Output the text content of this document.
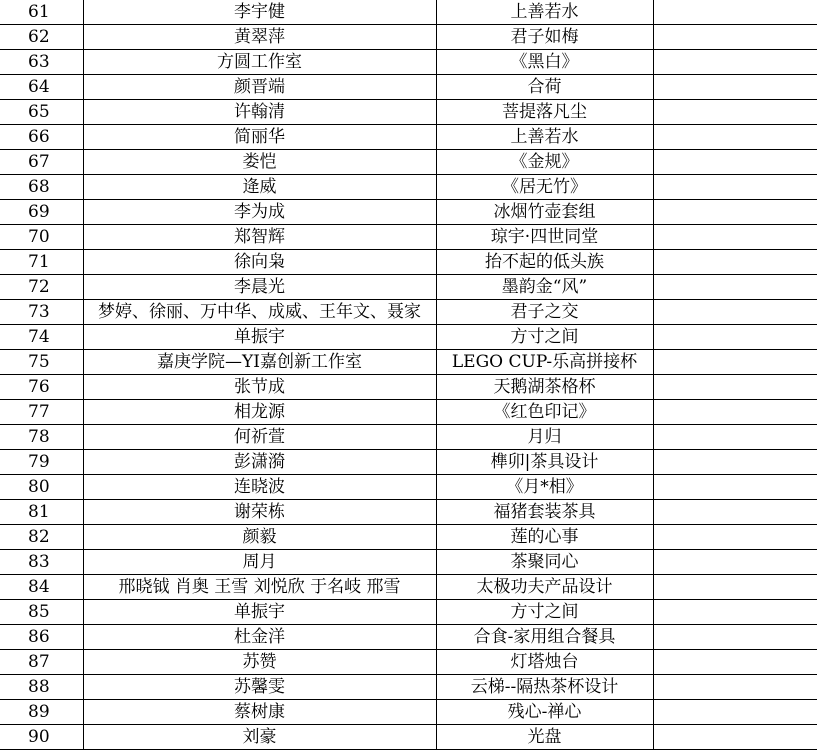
61	李宇健	上善若水	
62	黄翠萍	君子如梅	
63	方圆工作室	《黑白》	
64	颜晋端	合荷	
65	许翰清	菩提落凡尘	
66	简丽华	上善若水	
67	娄恺	《金规》	
68	逄威	《居无竹》	
69	李为成	冰烟竹壶套组	
70	郑智辉	琼宇·四世同堂	
71	徐向枭	抬不起的低头族	
72	李晨光	墨韵金“风”	
73	梦婷、徐丽、万中华、成威、王年文、聂家	君子之交	
74	单振宇	方寸之间	
75	嘉庚学院—YI嘉创新工作室	LEGO CUP-乐高拼接杯	
76	张节成	天鹅湖茶格杯	
77	相龙源	《红色印记》	
78	何祈萱	月归	
79	彭潇漪	榫卯|茶具设计	
80	连晓波	《月*相》	
81	谢荣栋	福猪套装茶具	
82	颜毅	莲的心事	
83	周月	茶聚同心	
84	邢晓钺 肖奥 王雪 刘悦欣 于名岐 邢雪	太极功夫产品设计	
85	单振宇	方寸之间	
86	杜金洋	合食-家用组合餐具	
87	苏赞	灯塔烛台	
88	苏馨雯	云梯--隔热茶杯设计	
89	蔡树康	残心-禅心	
90	刘豪	光盘	
